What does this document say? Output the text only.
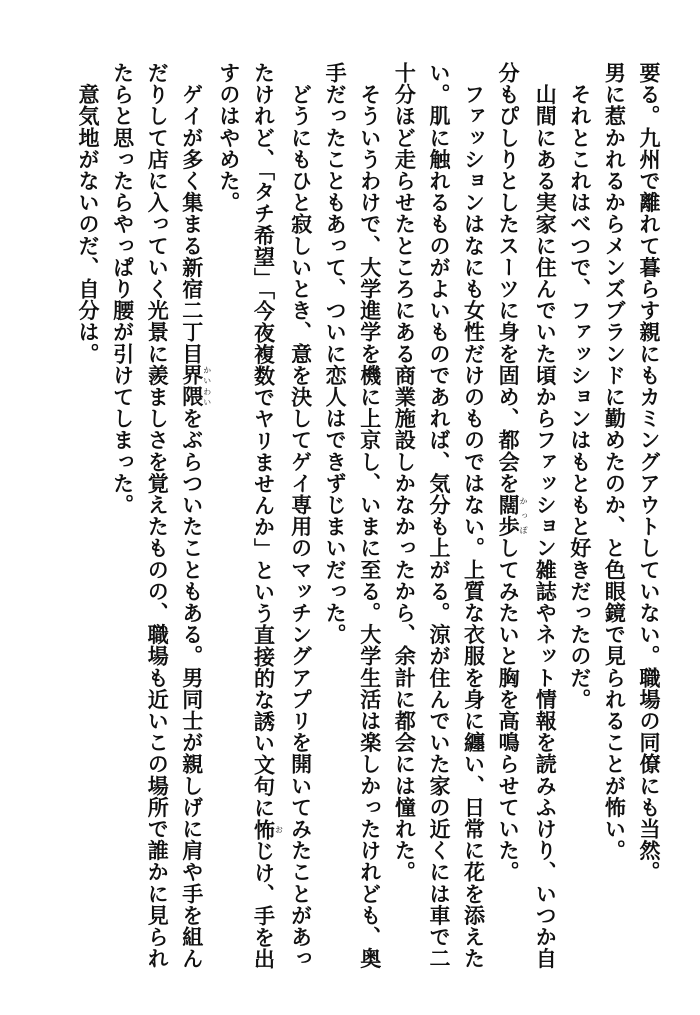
要る。九州で離れて暮らす親にもカミングアウトしていない。職場の同僚にも当然。
男に惹かれるからメンズブランドに勤めたのか、と色眼鏡で見られることが怖い。
　それとこれはべつで、ファッションはもともと好きだったのだ。
　山間にある実家に住んでいた頃からファッション雑誌やネット情報を読みふけり、いつか自
分もぴしりとしたスーツに身を固め、都会を闊歩かっぽしてみたいと胸を高鳴らせていた。
　ファッションはなにも女性だけのものではない。上質な衣服を身に纏い、日常に花を添えた
い。肌に触れるものがよいものであれば、気分も上がる。涼が住んでいた家の近くには車で二
十分ほど走らせたところにある商業施設しかなかったから、余計に都会には憧れた。
　そういうわけで、大学進学を機に上京し、いまに至る。大学生活は楽しかったけれども、奥
手だったこともあって、ついに恋人はできずじまいだった。
　どうにもひと寂しいとき、意を決してゲイ専用のマッチングアプリを開いてみたことがあっ
たけれど、「タチ希望」「今夜複数でヤリませんか」という直接的な誘い文句に怖おじけ、手を出
すのはやめた。
　ゲイが多く集まる新宿二丁目界隈かいわいをぶらついたこともある。男同士が親しげに肩や手を組ん
だりして店に入っていく光景に羨ましさを覚えたものの、職場も近いこの場所で誰かに見られ
たらと思ったらやっぱり腰が引けてしまった。
　意気地がないのだ、自分は。
